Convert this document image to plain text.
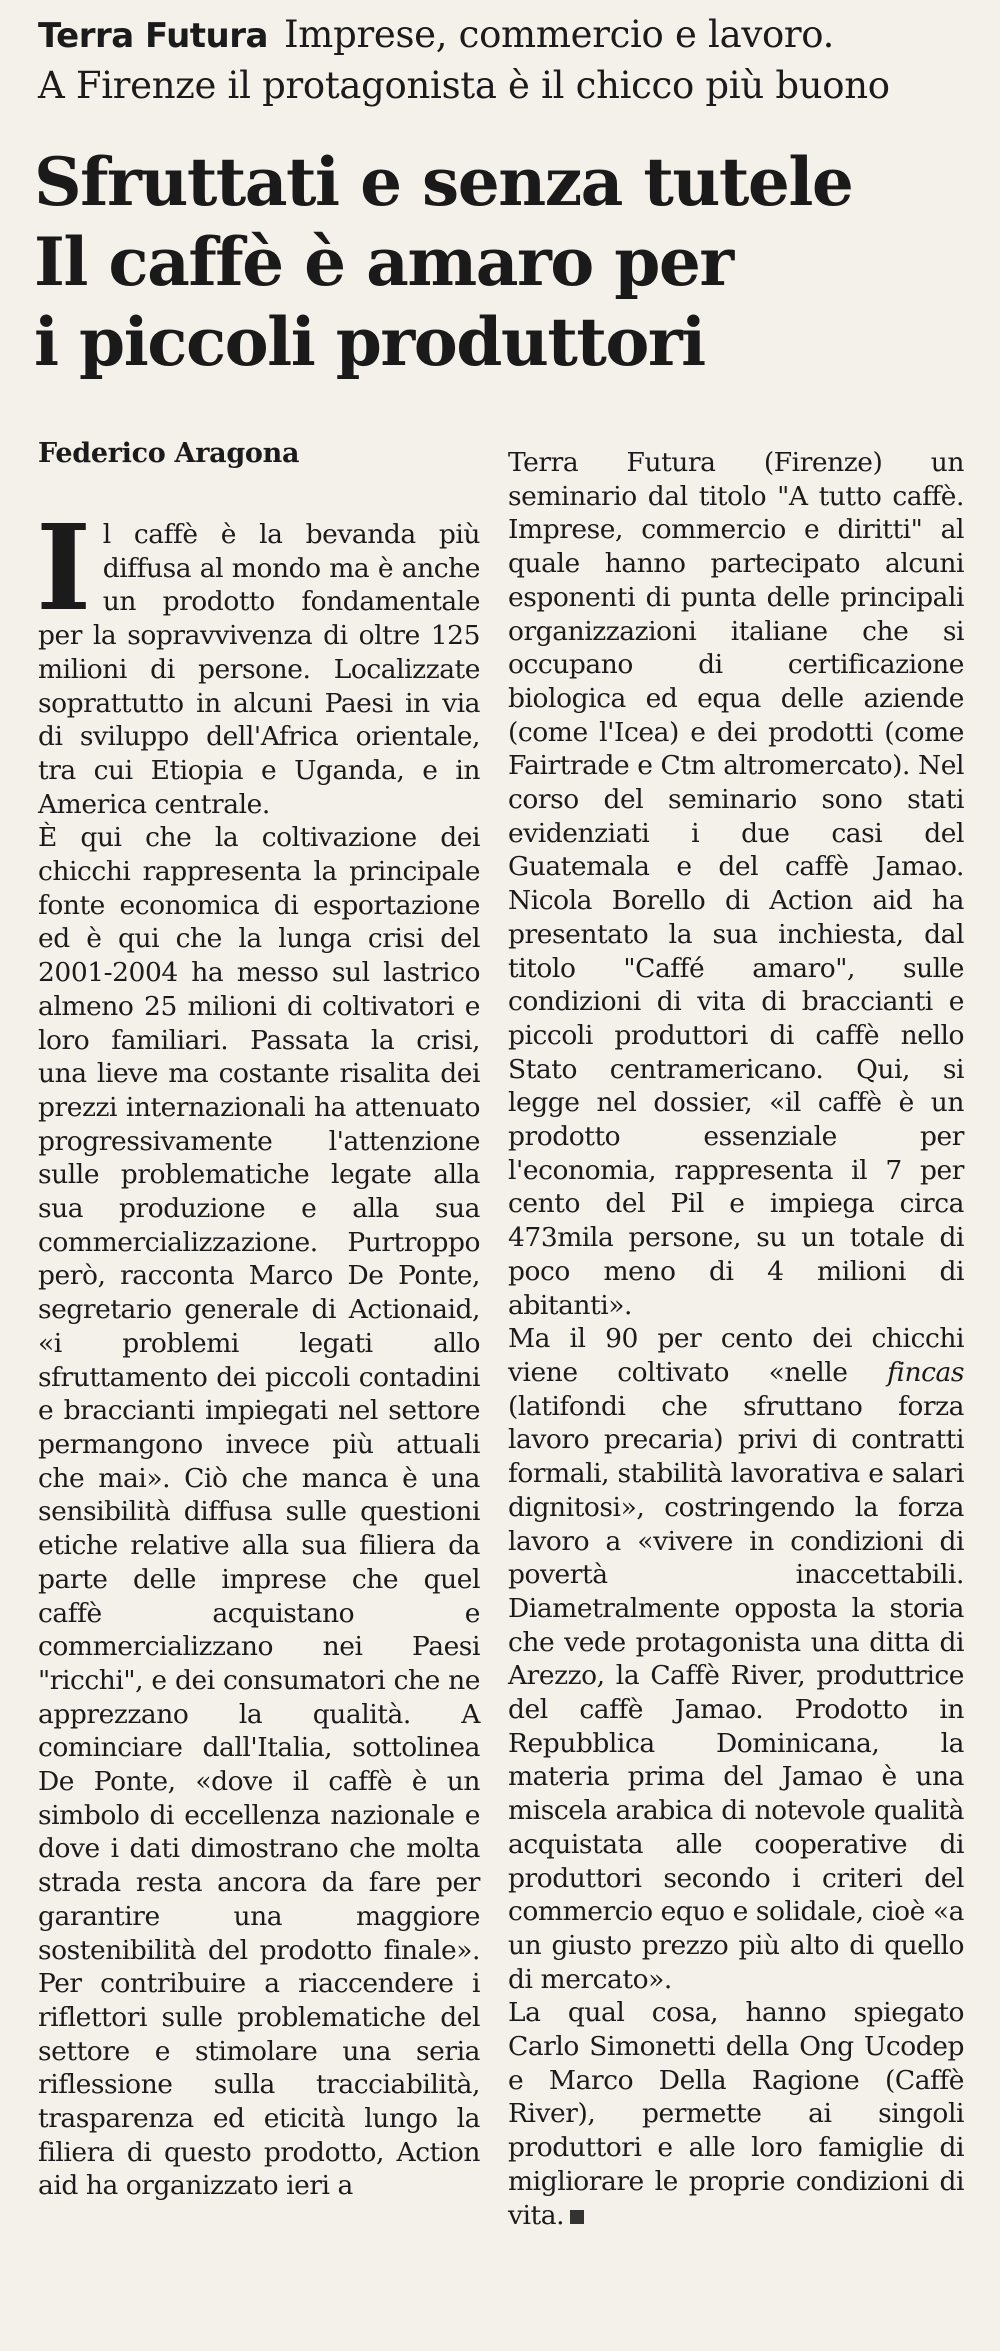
Terra Futura Imprese, commercio e lavoro.
A Firenze il protagonista è il chicco più buono
Sfruttati e senza tutele
Il caffè è amaro per
i piccoli produttori
Federico Aragona

Il caffè è la bevanda più diffusa al mondo ma è anche un prodotto fondamentale per la sopravvivenza di oltre 125 milioni di persone. Localizzate soprattutto in alcuni Paesi in via di sviluppo dell'Africa orientale, tra cui Etiopia e Uganda, e in America centrale.

È qui che la coltivazione dei chicchi rappresenta la principale fonte economica di esportazione ed è qui che la lunga crisi del 2001-2004 ha messo sul lastrico almeno 25 milioni di coltivatori e loro familiari. Passata la crisi, una lieve ma costante risalita dei prezzi internazionali ha attenuato progressivamente l'attenzione sulle problematiche legate alla sua produzione e alla sua commercializzazione. Purtroppo però, racconta Marco De Ponte, segretario generale di Actionaid, «i problemi legati allo sfruttamento dei piccoli contadini e braccianti impiegati nel settore permangono invece più attuali che mai». Ciò che manca è una sensibilità diffusa sulle questioni etiche relative alla sua filiera da parte delle imprese che quel caffè acquistano e commercializzano nei Paesi "ricchi", e dei consumatori che ne apprezzano la qualità. A cominciare dall'Italia, sottolinea De Ponte, «dove il caffè è un simbolo di eccellenza nazionale e dove i dati dimostrano che molta strada resta ancora da fare per garantire una maggiore sostenibilità del prodotto finale». Per contribuire a riaccendere i riflettori sulle problematiche del settore e stimolare una seria riflessione sulla tracciabilità, trasparenza ed eticità lungo la filiera di questo prodotto, Action aid ha organizzato ieri a

Terra Futura (Firenze) un seminario dal titolo "A tutto caffè. Imprese, commercio e diritti" al quale hanno partecipato alcuni esponenti di punta delle principali organizzazioni italiane che si occupano di certificazione biologica ed equa delle aziende (come l'Icea) e dei prodotti (come Fairtrade e Ctm altromercato). Nel corso del seminario sono stati evidenziati i due casi del Guatemala e del caffè Jamao. Nicola Borello di Action aid ha presentato la sua inchiesta, dal titolo "Caffé amaro", sulle condizioni di vita di braccianti e piccoli produttori di caffè nello Stato centramericano. Qui, si legge nel dossier, «il caffè è un prodotto essenziale per l'economia, rappresenta il 7 per cento del Pil e impiega circa 473mila persone, su un totale di poco meno di 4 milioni di abitanti».

Ma il 90 per cento dei chicchi viene coltivato «nelle fincas (latifondi che sfruttano forza lavoro precaria) privi di contratti formali, stabilità lavorativa e salari dignitosi», costringendo la forza lavoro a «vivere in condizioni di povertà inaccettabili. Diametralmente opposta la storia che vede protagonista una ditta di Arezzo, la Caffè River, produttrice del caffè Jamao. Prodotto in Repubblica Dominicana, la materia prima del Jamao è una miscela arabica di notevole qualità acquistata alle cooperative di produttori secondo i criteri del commercio equo e solidale, cioè «a un giusto prezzo più alto di quello di mercato».

La qual cosa, hanno spiegato Carlo Simonetti della Ong Ucodep e Marco Della Ragione (Caffè River), permette ai singoli produttori e alle loro famiglie di migliorare le proprie condizioni di vita.
